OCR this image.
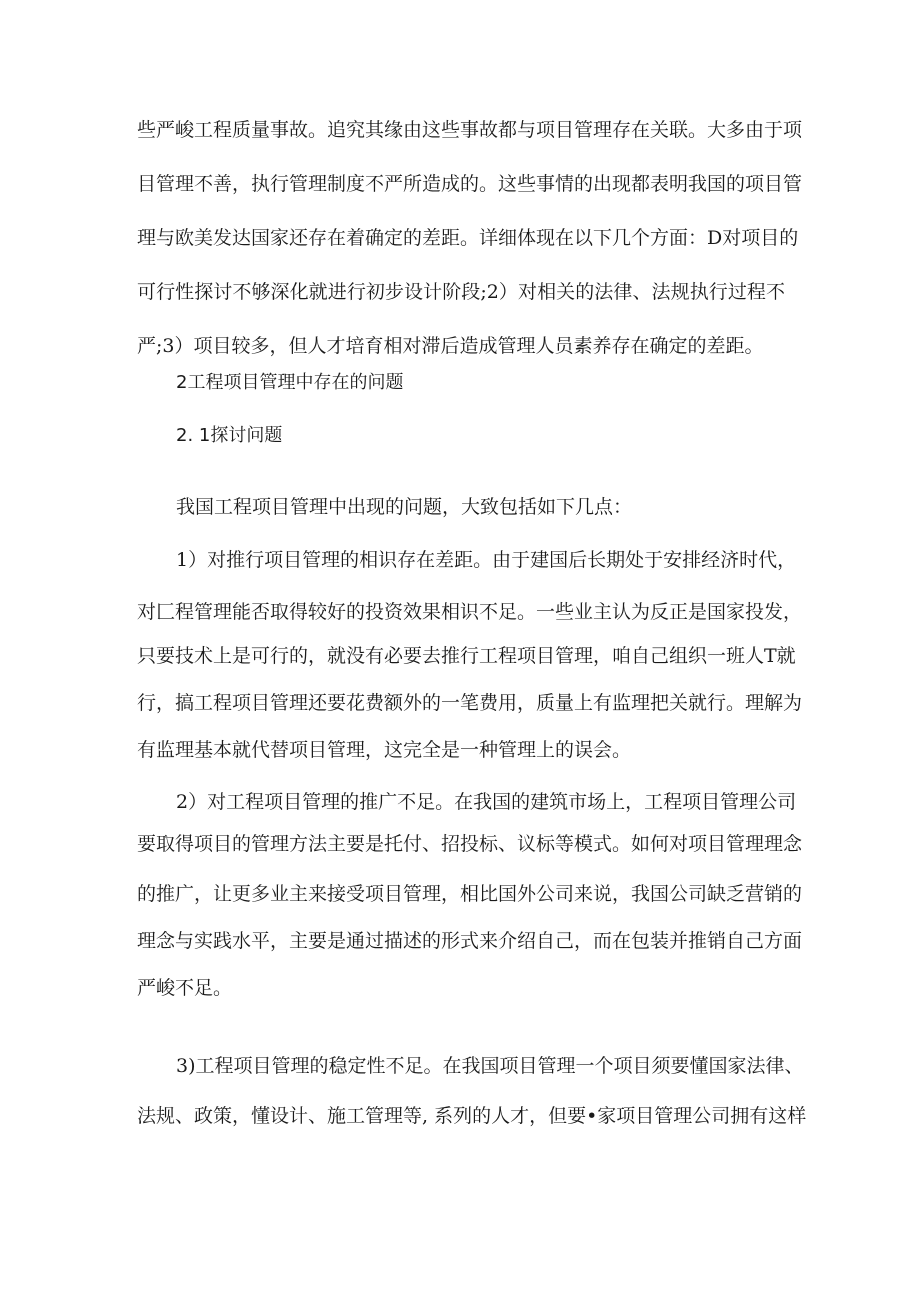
些严峻工程质量事故。追究其缘由这些事故都与项目管理存在关联。大多由于项
目管理不善，执行管理制度不严所造成的。这些事情的出现都表明我国的项目管
理与欧美发达国家还存在着确定的差距。详细体现在以下几个方面：D对项目的
可行性探讨不够深化就进行初步设计阶段;2）对相关的法律、法规执行过程不
严;3）项目较多，但人才培育相对滞后造成管理人员素养存在确定的差距。
2工程项目管理中存在的问题
2. 1探讨问题
我国工程项目管理中出现的问题，大致包括如下几点：
1）对推行项目管理的相识存在差距。由于建国后长期处于安排经济时代，
对匚程管理能否取得较好的投资效果相识不足。一些业主认为反正是国家投发，
只要技术上是可行的，就没有必要去推行工程项目管理，咱自己组织一班人T就
行，搞工程项目管理还要花费额外的一笔费用，质量上有监理把关就行。理解为
有监理基本就代替项目管理，这完全是一种管理上的误会。
2）对工程项目管理的推广不足。在我国的建筑市场上，工程项目管理公司
要取得项目的管理方法主要是托付、招投标、议标等模式。如何对项目管理理念
的推广，让更多业主来接受项目管理，相比国外公司来说，我国公司缺乏营销的
理念与实践水平，主要是通过描述的形式来介绍自己，而在包装并推销自己方面
严峻不足。
3)工程项目管理的稳定性不足。在我国项目管理一个项目须要懂国家法律、
法规、政策，懂设计、施工管理等, 系列的人才，但要•家项目管理公司拥有这样
